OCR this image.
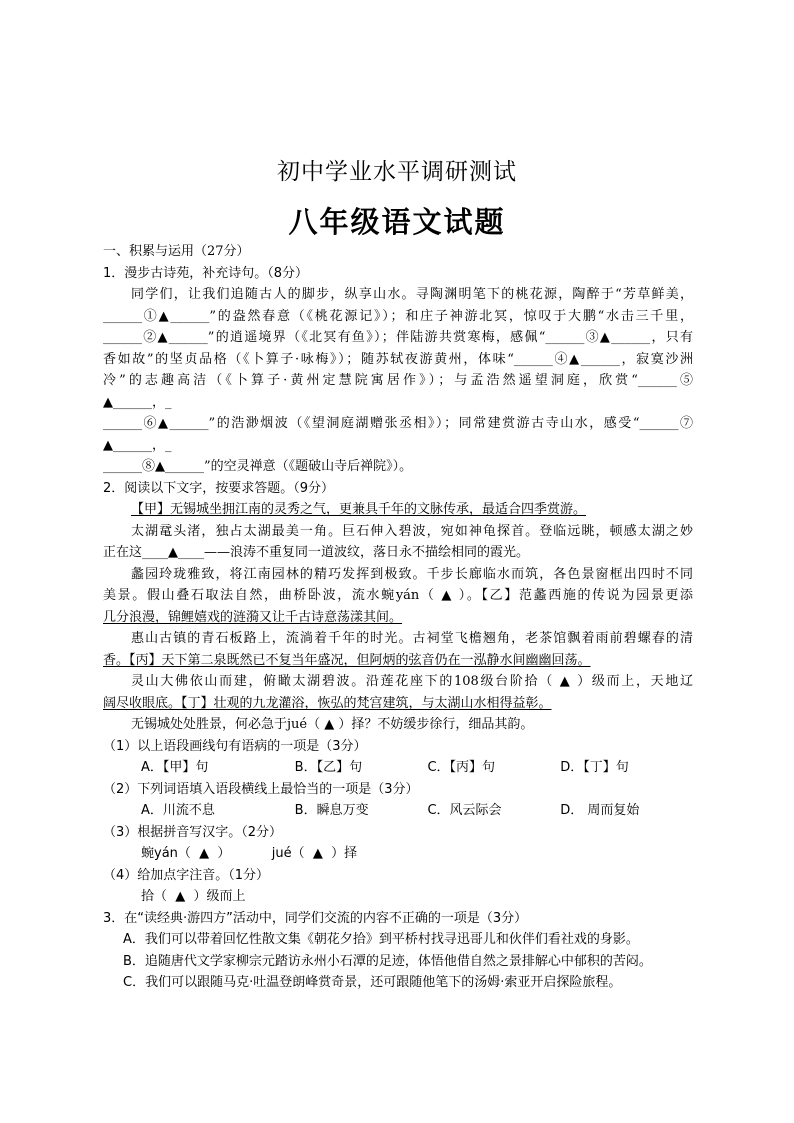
初中学业水平调研测试
八年级语文试题
一、积累与运用（27分）
1．漫步古诗苑，补充诗句。（8分）
同学们，让我们追随古人的脚步，纵享山水。寻陶渊明笔下的桃花源，陶醉于“芳草鲜美，
______①▲______”的盎然春意（《桃花源记》）；和庄子神游北冥，惊叹于大鹏“水击三千里，
______②▲______”的逍遥境界（《北冥有鱼》）；伴陆游共赏寒梅，感佩“______③▲______，只有
香如故”的坚贞品格（《卜算子·咏梅》）；随苏轼夜游黄州，体味“______④▲______，寂寞沙洲
冷”的志趣高洁（《卜算子·黄州定慧院寓居作》）；与孟浩然遥望洞庭，欣赏“______⑤
▲______，_
______⑥▲______”的浩渺烟波（《望洞庭湖赠张丞相》）；同常建赏游古寺山水，感受“______⑦
▲______，_
______⑧▲______”的空灵禅意（《题破山寺后禅院》）。
2．阅读以下文字，按要求答题。（9分）
【甲】无锡城坐拥江南的灵秀之气，更兼具千年的文脉传承，最适合四季赏游。
太湖鼋头渚，独占太湖最美一角。巨石伸入碧波，宛如神龟探首。登临远眺，顿感太湖之妙
正在这____▲____——浪涛不重复同一道波纹，落日永不描绘相同的霞光。
蠡园玲珑雅致，将江南园林的精巧发挥到极致。千步长廊临水而筑，各色景窗框出四时不同
美景。假山叠石取法自然，曲桥卧波，流水蜿yán（ ▲ ）。【乙】范蠡西施的传说为园景更添
几分浪漫，锦鲤嬉戏的涟漪又让千古诗意荡漾其间。
惠山古镇的青石板路上，流淌着千年的时光。古祠堂飞檐翘角，老茶馆飘着雨前碧螺春的清
香。【丙】天下第二泉既然已不复当年盛况，但阿炳的弦音仍在一泓静水间幽幽回荡。
灵山大佛依山而建，俯瞰太湖碧波。沿莲花座下的108级台阶拾（ ▲ ）级而上，天地辽
阔尽收眼底。【丁】壮观的九龙灌浴，恢弘的梵宫建筑，与太湖山水相得益彰。
无锡城处处胜景，何必急于jué（ ▲ ）择？不妨缓步徐行，细品其韵。
（1）以上语段画线句有语病的一项是（3分）
A．【甲】句	B．【乙】句	C．【丙】句	D．【丁】句
（2）下列词语填入语段横线上最恰当的一项是（3分）
A．川流不息	B．瞬息万变	C．风云际会	D． 周而复始
（3）根据拼音写汉字。（2分）
蜿yán（  ▲  ）          jué（  ▲  ）择
（4）给加点字注音。（1分）
拾（  ▲  ）级而上
3．在“读经典·游四方”活动中，同学们交流的内容不正确的一项是（3分）
A．我们可以带着回忆性散文集《朝花夕拾》到平桥村找寻迅哥儿和伙伴们看社戏的身影。
B．追随唐代文学家柳宗元踏访永州小石潭的足迹，体悟他借自然之景排解心中郁积的苦闷。
C．我们可以跟随马克·吐温登朗峰赏奇景，还可跟随他笔下的汤姆·索亚开启探险旅程。
